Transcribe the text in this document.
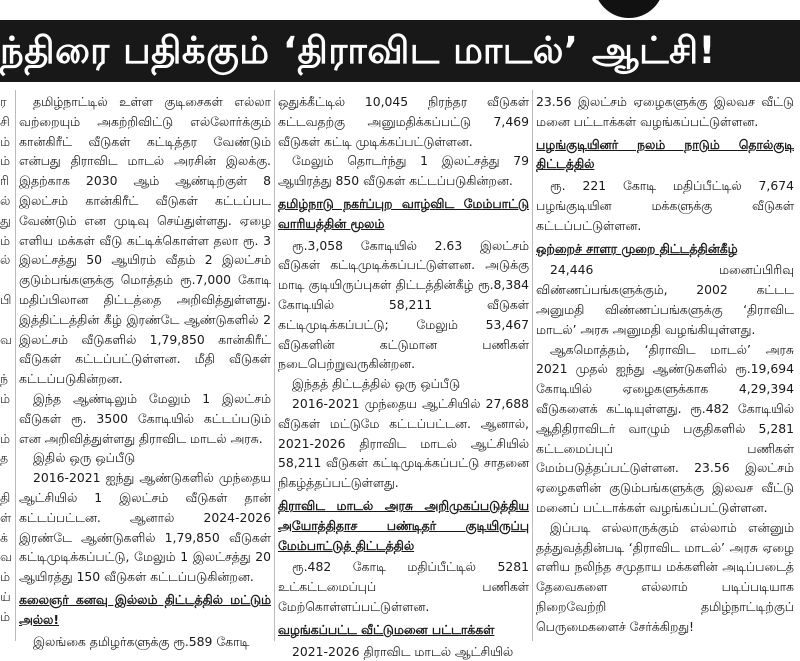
ந்திரை பதிக்கும் ‘திராவிட மாடல்’ ஆட்சி!
ர
சி
ம்
ம்
ரி
ல்
து
ம்
ல்
பி
வ
ந்
ம்
ம்
த
தி
ள்
க்
வ
ம்
ய்
ம்

தமிழ்நாட்டில் உள்ள குடிசைகள் எல்லா வற்றையும் அகற்றிவிட்டு எல்லோர்க்கும் கான்கிரீட் வீடுகள் கட்டித்தர வேண்டும் என்பது திராவிட மாடல் அரசின் இலக்கு. இதற்காக 2030 ஆம் ஆண்டிற்குள் 8 இலட்சம் கான்கிரீட் வீடுகள் கட்டப்பட வேண்டும் என முடிவு செய்துள்ளது. ஏழை எளிய மக்கள் வீடு கட்டிக்கொள்ள தலா ரூ. 3 இலட்சத்து 50 ஆயிரம் வீதம் 2 இலட்சம் குடும்பங்களுக்கு மொத்தம் ரூ.7,000 கோடி மதிப்பிலான திட்டத்தை அறிவித்துள்ளது. இத்திட்டத்தின் கீழ் இரண்டே ஆண்டுகளில் 2 இலட்சம் வீடுகளில் 1,79,850 கான்கிரீட் வீடுகள் கட்டப்பட்டுள்ளன. மீதி வீடுகள் கட்டப்படுகின்றன.

இந்த ஆண்டிலும் மேலும் 1 இலட்சம் வீடுகள் ரூ. 3500 கோடியில் கட்டப்படும் என அறிவித்துள்ளது திராவிட மாடல் அரசு.

இதில் ஒரு ஒப்பீடு

2016-2021 ஐந்து ஆண்டுகளில் முந்தைய ஆட்சியில் 1 இலட்சம் வீடுகள் தான் கட்டப்பட்டன. ஆனால் 2024-2026 இரண்டே ஆண்டுகளில் 1,79,850 வீடுகள் கட்டிமுடிக்கப்பட்டு, மேலும் 1 இலட்சத்து 20 ஆயிரத்து 150 வீடுகள் கட்டப்படுகின்றன.

கலைஞர் கனவு இல்லம் திட்டத்தில் மட்டும் அல்ல!

இலங்கை தமிழர்களுக்கு ரூ.589 கோடி

ஒதுக்கீட்டில் 10,045 நிரந்தர வீடுகள் கட்டவதற்கு அனுமதிக்கப்பட்டு 7,469 வீடுகள் கட்டி முடிக்கப்பட்டுள்ளன.

மேலும் தொடர்ந்து 1 இலட்சத்து 79 ஆயிரத்து 850 வீடுகள் கட்டப்படுகின்றன.

தமிழ்நாடு நகர்ப்புற வாழ்விட மேம்பாட்டு வாரியத்தின் மூலம்

ரூ.3,058 கோடியில் 2.63 இலட்சம் வீடுகள் கட்டிமுடிக்கப்பட்டுள்ளன. அடுக்கு மாடி குடியிருப்புகள் திட்டத்தின்கீழ் ரூ.8,384 கோடியில் 58,211 வீடுகள் கட்டிமுடிக்கப்பட்டு; மேலும் 53,467 வீடுகளின் கட்டுமான பணிகள் நடைபெற்றுவருகின்றன.

இந்தத் திட்டத்தில் ஒரு ஒப்பீடு

2016-2021 முந்தைய ஆட்சியில் 27,688 வீடுகள் மட்டுமே கட்டப்பட்டன. ஆனால், 2021-2026 திராவிட மாடல் ஆட்சியில் 58,211 வீடுகள் கட்டிமுடிக்கப்பட்டு சாதனை நிகழ்த்தப்பட்டுள்ளது.

திராவிட மாடல் அரசு அறிமுகப்படுத்திய அயோத்திதாச பண்டிதர் குடியிருப்பு மேம்பாட்டுத் திட்டத்தில்

ரூ.482 கோடி மதிப்பீட்டில் 5281 உட்கட்டமைப்புப் பணிகள் மேற்கொள்ளப்பட்டுள்ளன.

வழங்கப்பட்ட வீட்டுமனை பட்டாக்கள்

2021-2026 திராவிட மாடல் ஆட்சியில்

23.56 இலட்சம் ஏழைகளுக்கு இலவச வீட்டு மனை பட்டாக்கள் வழங்கப்பட்டுள்ளன.

பழங்குடியினர் நலம் நாடும் தொல்குடி திட்டத்தில்

ரூ. 221 கோடி மதிப்பீட்டில் 7,674 பழங்குடியின மக்களுக்கு வீடுகள் கட்டப்பட்டுள்ளன.

ஒற்றைச் சாளர முறை திட்டத்தின்கீழ்

24,446 மனைப்பிரிவு விண்ணப்பங்களுக்கும், 2002 கட்டட அனுமதி விண்ணப்பங்களுக்கு ‘திராவிட மாடல்’ அரசு அனுமதி வழங்கியுள்ளது.

ஆகமொத்தம், ‘திராவிட மாடல்’ அரசு 2021 முதல் ஐந்து ஆண்டுகளில் ரூ.19,694 கோடியில் ஏழைகளுக்காக 4,29,394 வீடுகளைக் கட்டியுள்ளது. ரூ.482 கோடியில் ஆதிதிராவிடர் வாழும் பகுதிகளில் 5,281 கட்டமைப்புப் பணிகள் மேம்படுத்தப்பட்டுள்ளன. 23.56 இலட்சம் ஏழைகளின் குடும்பங்களுக்கு இலவச வீட்டு மனைப் பட்டாக்கள் வழங்கப்பட்டுள்ளன.

இப்படி எல்லாருக்கும் எல்லாம் என்னும் தத்துவத்தின்படி ‘திராவிட மாடல்’ அரசு ஏழை எளிய நலிந்த சமுதாய மக்களின் அடிப்படைத் தேவைகளை எல்லாம் படிப்படியாக நிறைவேற்றி தமிழ்நாட்டிற்குப் பெருமைகளைச் சேர்க்கிறது!
